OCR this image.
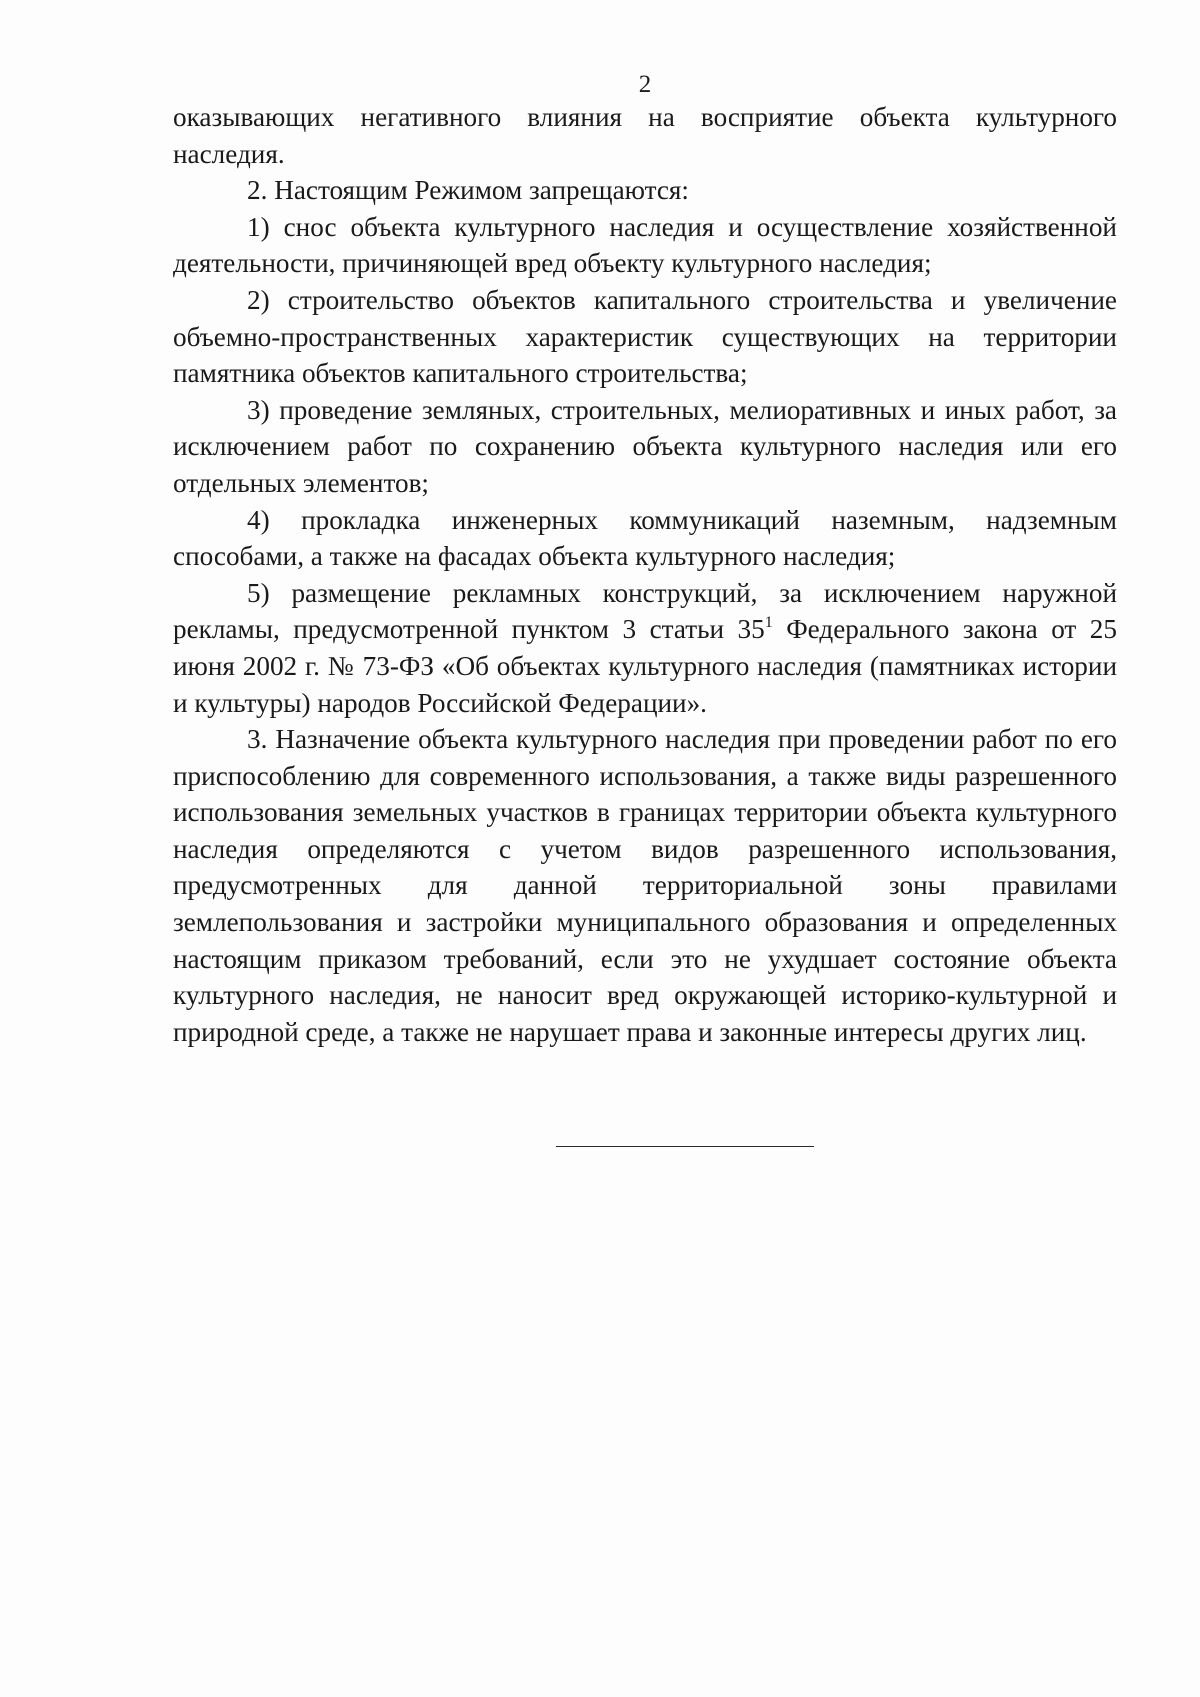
2

оказывающих негативного влияния на восприятие объекта культурного наследия.

2. Настоящим Режимом запрещаются:

1) снос объекта культурного наследия и осуществление хозяйственной деятельности, причиняющей вред объекту культурного наследия;

2) строительство объектов капитального строительства и увеличение объемно-пространственных характеристик существующих на территории памятника объектов капитального строительства;

3) проведение земляных, строительных, мелиоративных и иных работ, за исключением работ по сохранению объекта культурного наследия или его отдельных элементов;

4) прокладка инженерных коммуникаций наземным, надземным способами, а также на фасадах объекта культурного наследия;

5) размещение рекламных конструкций, за исключением наружной рекламы, предусмотренной пунктом 3 статьи $35^1$ Федерального закона от 25 июня 2002 г. № 73-ФЗ «Об объектах культурного наследия (памятниках истории и культуры) народов Российской Федерации».

3. Назначение объекта культурного наследия при проведении работ по его приспособлению для современного использования, а также виды разрешенного использования земельных участков в границах территории объекта культурного наследия определяются с учетом видов разрешенного использования, предусмотренных для данной территориальной зоны правилами землепользования и застройки муниципального образования и определенных настоящим приказом требований, если это не ухудшает состояние объекта культурного наследия, не наносит вред окружающей историко-культурной и природной среде, а также не нарушает права и законные интересы других лиц.
